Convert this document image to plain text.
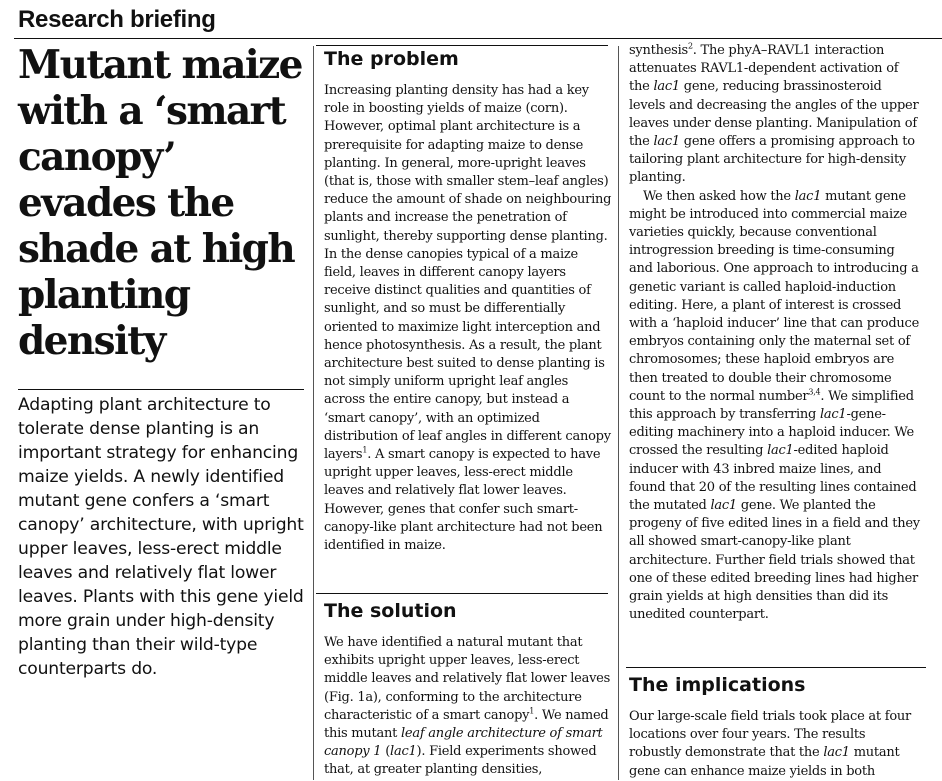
Research briefing
Mutant maize with a ‘smart canopy’ evades the shade at high planting density

Adapting plant architecture to tolerate dense planting is an important strategy for enhancing maize yields. A newly identified mutant gene confers a ‘smart canopy’ architecture, with upright upper leaves, less-erect middle leaves and relatively flat lower leaves. Plants with this gene yield more grain under high-density planting than their wild-type counterparts do.

The problem

Increasing planting density has had a key role in boosting yields of maize (corn). However, optimal plant architecture is a prerequisite for adapting maize to dense planting. In general, more-upright leaves (that is, those with smaller stem–leaf angles) reduce the amount of shade on neighbouring plants and increase the penetration of sunlight, thereby supporting dense planting. In the dense canopies typical of a maize field, leaves in different canopy layers receive distinct qualities and quantities of sunlight, and so must be differentially oriented to maximize light interception and hence photosynthesis. As a result, the plant architecture best suited to dense planting is not simply uniform upright leaf angles across the entire canopy, but instead a ‘smart canopy’, with an optimized distribution of leaf angles in different canopy layers$^1$. A smart canopy is expected to have upright upper leaves, less-erect middle leaves and relatively flat lower leaves. However, genes that confer such smart-canopy-like plant architecture had not been identified in maize.

The solution

We have identified a natural mutant that exhibits upright upper leaves, less-erect middle leaves and relatively flat lower leaves (Fig. 1a), conforming to the architecture characteristic of a smart canopy$^1$. We named this mutant leaf angle architecture of smart canopy 1 (lac1). Field experiments showed that, at greater planting densities,

synthesis$^2$. The phyA–RAVL1 interaction attenuates RAVL1-dependent activation of the lac1 gene, reducing brassinosteroid levels and decreasing the angles of the upper leaves under dense planting. Manipulation of the lac1 gene offers a promising approach to tailoring plant architecture for high-density planting.

We then asked how the lac1 mutant gene might be introduced into commercial maize varieties quickly, because conventional introgression breeding is time-consuming and laborious. One approach to introducing a genetic variant is called haploid-induction editing. Here, a plant of interest is crossed with a ‘haploid inducer’ line that can produce embryos containing only the maternal set of chromosomes; these haploid embryos are then treated to double their chromosome count to the normal number$^{3,4}$. We simplified this approach by transferring lac1-gene-editing machinery into a haploid inducer. We crossed the resulting lac1-edited haploid inducer with 43 inbred maize lines, and found that 20 of the resulting lines contained the mutated lac1 gene. We planted the progeny of five edited lines in a field and they all showed smart-canopy-like plant architecture. Further field trials showed that one of these edited breeding lines had higher grain yields at high densities than did its unedited counterpart.

The implications

Our large-scale field trials took place at four locations over four years. The results robustly demonstrate that the lac1 mutant gene can enhance maize yields in both
